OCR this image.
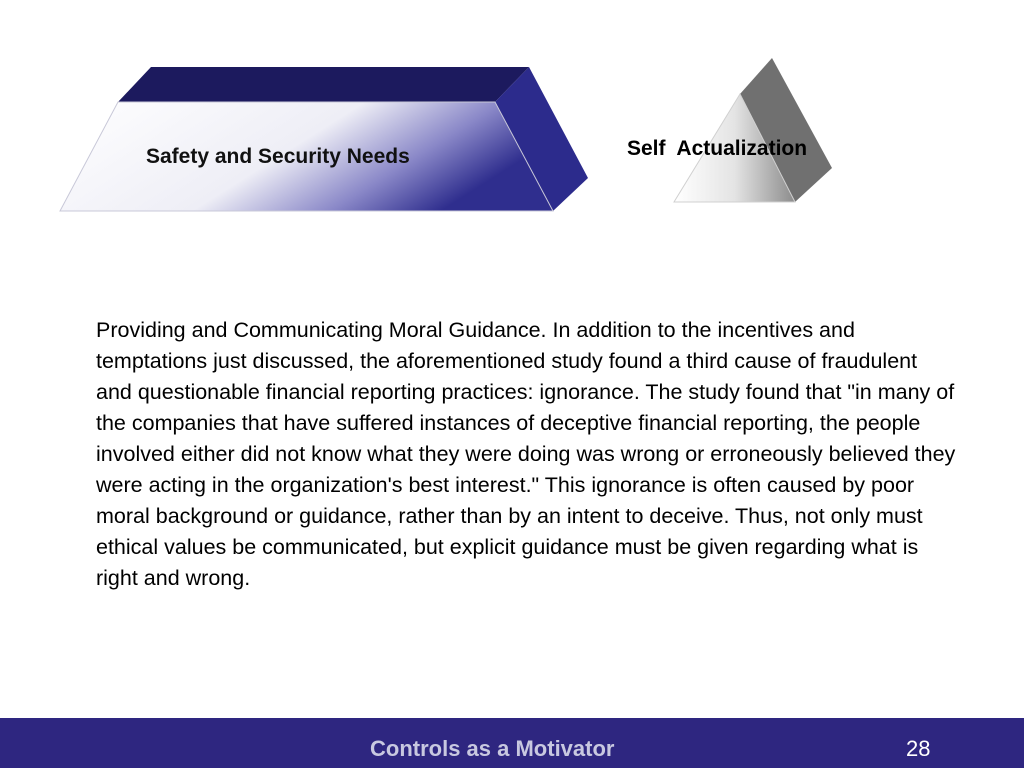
Safety and Security Needs	Self  Actualization

Providing and Communicating Moral Guidance. In addition to the incentives and temptations just discussed, the aforementioned study found a third cause of fraudulent and questionable financial reporting practices: ignorance. The study found that "in many of the companies that have suffered instances of deceptive financial reporting, the people involved either did not know what they were doing was wrong or erroneously believed they were acting in the organization's best interest." This ignorance is often caused by poor moral background or guidance, rather than by an intent to deceive. Thus, not only must ethical values be communicated, but explicit guidance must be given regarding what is right and wrong.

Controls as a Motivator	28
